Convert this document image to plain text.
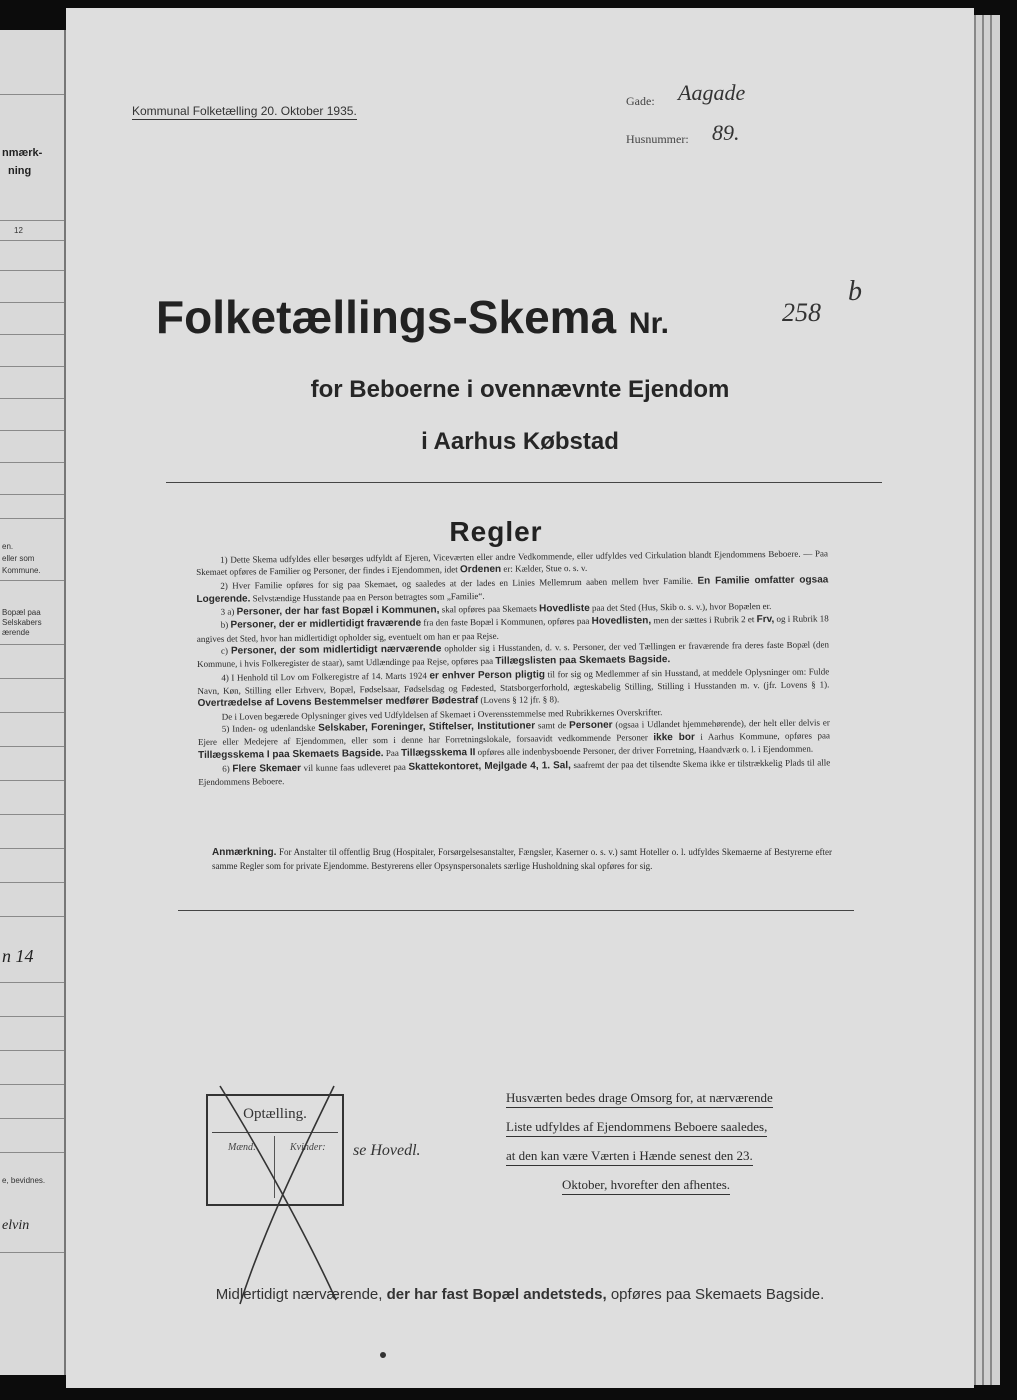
nmærk-
ning
12
en.
eller som
Kommune.
Bopæl paa
Selskabers
ærende
n 14
e, bevidnes.
elvin
Kommunal Folketælling 20. Oktober 1935.
Gade: Aagade
Husnummer: 89.
Folketællings-Skema Nr.	258
b
for Beboerne i ovennævnte Ejendom
i Aarhus Købstad
Regler

1) Dette Skema udfyldes eller besørges udfyldt af Ejeren, Viceværten eller andre Vedkommende, eller udfyldes ved Cirkulation blandt Ejendommens Beboere. — Paa Skemaet opføres de Familier og Personer, der findes i Ejendommen, idet Ordenen er: Kælder, Stue o. s. v.

2) Hver Familie opføres for sig paa Skemaet, og saaledes at der lades en Linies Mellemrum aaben mellem hver Familie. En Familie omfatter ogsaa Logerende. Selvstændige Husstande paa en Person betragtes som „Familie“.

3 a) Personer, der har fast Bopæl i Kommunen, skal opføres paa Skemaets Hovedliste paa det Sted (Hus, Skib o. s. v.), hvor Bopælen er.

b) Personer, der er midlertidigt fraværende fra den faste Bopæl i Kommunen, opføres paa Hovedlisten, men der sættes i Rubrik 2 et Frv, og i Rubrik 18 angives det Sted, hvor han midlertidigt opholder sig, eventuelt om han er paa Rejse.

c) Personer, der som midlertidigt nærværende opholder sig i Husstanden, d. v. s. Personer, der ved Tællingen er fraværende fra deres faste Bopæl (den Kommune, i hvis Folkeregister de staar), samt Udlændinge paa Rejse, opføres paa Tillægslisten paa Skemaets Bagside.

4) I Henhold til Lov om Folkeregistre af 14. Marts 1924 er enhver Person pligtig til for sig og Medlemmer af sin Husstand, at meddele Oplysninger om: Fulde Navn, Køn, Stilling eller Erhverv, Bopæl, Fødselsaar, Fødselsdag og Fødested, Statsborgerforhold, ægteskabelig Stilling, Stilling i Husstanden m. v. (jfr. Lovens § 1). Overtrædelse af Lovens Bestemmelser medfører Bødestraf (Lovens § 12 jfr. § 8).

De i Loven begærede Oplysninger gives ved Udfyldelsen af Skemaet i Overensstemmelse med Rubrikkernes Overskrifter.

5) Inden- og udenlandske Selskaber, Foreninger, Stiftelser, Institutioner samt de Personer (ogsaa i Udlandet hjemmehørende), der helt eller delvis er Ejere eller Medejere af Ejendommen, eller som i denne har Forretningslokale, forsaavidt vedkommende Personer ikke bor i Aarhus Kommune, opføres paa Tillægsskema I paa Skemaets Bagside. Paa Tillægsskema II opføres alle indenbysboende Personer, der driver Forretning, Haandværk o. l. i Ejendommen.

6) Flere Skemaer vil kunne faas udleveret paa Skattekontoret, Mejlgade 4, 1. Sal, saafremt der paa det tilsendte Skema ikke er tilstrækkelig Plads til alle Ejendommens Beboere.

Anmærkning. For Anstalter til offentlig Brug (Hospitaler, Forsørgelsesanstalter, Fængsler, Kaserner o. s. v.) samt Hoteller o. l. udfyldes Skemaerne af Bestyrerne efter samme Regler som for private Ejendomme. Bestyrerens eller Opsynspersonalets særlige Husholdning skal opføres for sig.
Optælling.
Mænd:	Kvinder: se Hovedl.
Husværten bedes drage Omsorg for, at nærværende
Liste udfyldes af Ejendommens Beboere saaledes,
at den kan være Værten i Hænde senest den 23.
Oktober, hvorefter den afhentes.
Midlertidigt nærværende, der har fast Bopæl andetsteds, opføres paa Skemaets Bagside.
